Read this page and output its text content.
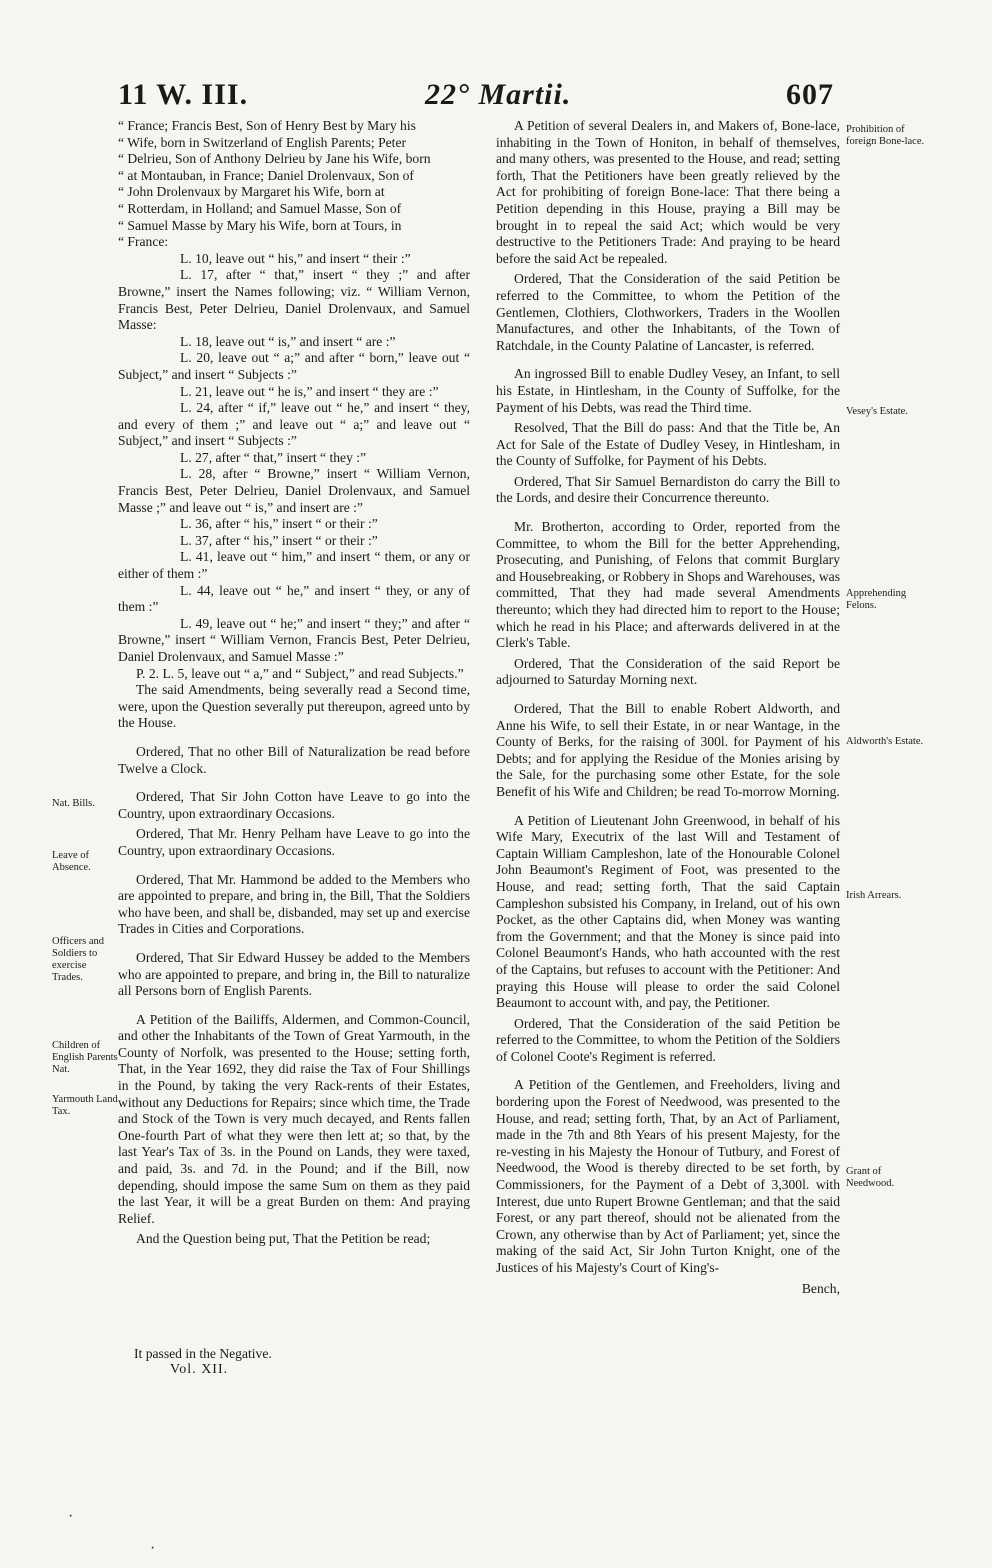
11 W. III.	22° Martii.	607

“ France; Francis Best, Son of Henry Best by Mary his

“ Wife, born in Switzerland of English Parents; Peter

“ Delrieu, Son of Anthony Delrieu by Jane his Wife, born

“ at Montauban, in France; Daniel Drolenvaux, Son of

“ John Drolenvaux by Margaret his Wife, born at

“ Rotterdam, in Holland; and Samuel Masse, Son of

“ Samuel Masse by Mary his Wife, born at Tours, in

“ France:

L. 10, leave out “ his,” and insert “ their :”

L. 17, after “ that,” insert “ they ;” and after Browne,” insert the Names following; viz. “ William Vernon, Francis Best, Peter Delrieu, Daniel Drolenvaux, and Samuel Masse:

L. 18, leave out “ is,” and insert “ are :”

L. 20, leave out “ a;” and after “ born,” leave out “ Subject,” and insert “ Subjects :”

L. 21, leave out “ he is,” and insert “ they are :”

L. 24, after “ if,” leave out “ he,” and insert “ they, and every of them ;” and leave out “ a;” and leave out “ Subject,” and insert “ Subjects :”

L. 27, after “ that,” insert “ they :”

L. 28, after “ Browne,” insert “ William Vernon, Francis Best, Peter Delrieu, Daniel Drolenvaux, and Samuel Masse ;” and leave out “ is,” and insert are :”

L. 36, after “ his,” insert “ or their :”

L. 37, after “ his,” insert “ or their :”

L. 41, leave out “ him,” and insert “ them, or any or either of them :”

L. 44, leave out “ he,” and insert “ they, or any of them :”

L. 49, leave out “ he;” and insert “ they;” and after “ Browne,” insert “ William Vernon, Francis Best, Peter Delrieu, Daniel Drolenvaux, and Samuel Masse :”

P. 2. L. 5, leave out “ a,” and “ Subject,” and read Subjects.”

The said Amendments, being severally read a Second time, were, upon the Question severally put thereupon, agreed unto by the House.

Ordered, That no other Bill of Naturalization be read before Twelve a Clock.

Ordered, That Sir John Cotton have Leave to go into the Country, upon extraordinary Occasions.

Ordered, That Mr. Henry Pelham have Leave to go into the Country, upon extraordinary Occasions.

Ordered, That Mr. Hammond be added to the Members who are appointed to prepare, and bring in, the Bill, That the Soldiers who have been, and shall be, disbanded, may set up and exercise Trades in Cities and Corporations.

Ordered, That Sir Edward Hussey be added to the Members who are appointed to prepare, and bring in, the Bill to naturalize all Persons born of English Parents.

A Petition of the Bailiffs, Aldermen, and Common-Council, and other the Inhabitants of the Town of Great Yarmouth, in the County of Norfolk, was presented to the House; setting forth, That, in the Year 1692, they did raise the Tax of Four Shillings in the Pound, by taking the very Rack-rents of their Estates, without any Deductions for Repairs; since which time, the Trade and Stock of the Town is very much decayed, and Rents fallen One-fourth Part of what they were then lett at; so that, by the last Year's Tax of 3s. in the Pound on Lands, they were taxed, and paid, 3s. and 7d. in the Pound; and if the Bill, now depending, should impose the same Sum on them as they paid the last Year, it will be a great Burden on them: And praying Relief.

And the Question being put, That the Petition be read;

It passed in the Negative.
Vol. XII.

A Petition of several Dealers in, and Makers of, Bone-lace, inhabiting in the Town of Honiton, in behalf of themselves, and many others, was presented to the House, and read; setting forth, That the Petitioners have been greatly relieved by the Act for prohibiting of foreign Bone-lace: That there being a Petition depending in this House, praying a Bill may be brought in to repeal the said Act; which would be very destructive to the Petitioners Trade: And praying to be heard before the said Act be repealed.

Ordered, That the Consideration of the said Petition be referred to the Committee, to whom the Petition of the Gentlemen, Clothiers, Clothworkers, Traders in the Woollen Manufactures, and other the Inhabitants, of the Town of Ratchdale, in the County Palatine of Lancaster, is referred.

An ingrossed Bill to enable Dudley Vesey, an Infant, to sell his Estate, in Hintlesham, in the County of Suffolke, for the Payment of his Debts, was read the Third time.

Resolved, That the Bill do pass: And that the Title be, An Act for Sale of the Estate of Dudley Vesey, in Hintlesham, in the County of Suffolke, for Payment of his Debts.

Ordered, That Sir Samuel Bernardiston do carry the Bill to the Lords, and desire their Concurrence thereunto.

Mr. Brotherton, according to Order, reported from the Committee, to whom the Bill for the better Apprehending, Prosecuting, and Punishing, of Felons that commit Burglary and Housebreaking, or Robbery in Shops and Warehouses, was committed, That they had made several Amendments thereunto; which they had directed him to report to the House; which he read in his Place; and afterwards delivered in at the Clerk's Table.

Ordered, That the Consideration of the said Report be adjourned to Saturday Morning next.

Ordered, That the Bill to enable Robert Aldworth, and Anne his Wife, to sell their Estate, in or near Wantage, in the County of Berks, for the raising of 300l. for Payment of his Debts; and for applying the Residue of the Monies arising by the Sale, for the purchasing some other Estate, for the sole Benefit of his Wife and Children; be read To-morrow Morning.

A Petition of Lieutenant John Greenwood, in behalf of his Wife Mary, Executrix of the last Will and Testament of Captain William Campleshon, late of the Honourable Colonel John Beaumont's Regiment of Foot, was presented to the House, and read; setting forth, That the said Captain Campleshon subsisted his Company, in Ireland, out of his own Pocket, as the other Captains did, when Money was wanting from the Government; and that the Money is since paid into Colonel Beaumont's Hands, who hath accounted with the rest of the Captains, but refuses to account with the Petitioner: And praying this House will please to order the said Colonel Beaumont to account with, and pay, the Petitioner.

Ordered, That the Consideration of the said Petition be referred to the Committee, to whom the Petition of the Soldiers of Colonel Coote's Regiment is referred.

A Petition of the Gentlemen, and Freeholders, living and bordering upon the Forest of Needwood, was presented to the House, and read; setting forth, That, by an Act of Parliament, made in the 7th and 8th Years of his present Majesty, for the re-vesting in his Majesty the Honour of Tutbury, and Forest of Needwood, the Wood is thereby directed to be set forth, by Commissioners, for the Payment of a Debt of 3,300l. with Interest, due unto Rupert Browne Gentleman; and that the said Forest, or any part thereof, should not be alienated from the Crown, any otherwise than by Act of Parliament; yet, since the making of the said Act, Sir John Turton Knight, one of the Justices of his Majesty's Court of King's-

Bench,

Nat. Bills.
Leave of Absence.
Officers and Soldiers to exercise Trades.
Children of English Parents Nat.
Yarmouth Land Tax.
Prohibition of foreign Bone-lace.
Vesey's Estate.
Apprehending Felons.
Aldworth's Estate.
Irish Arrears.
Grant of Needwood.
·
·
